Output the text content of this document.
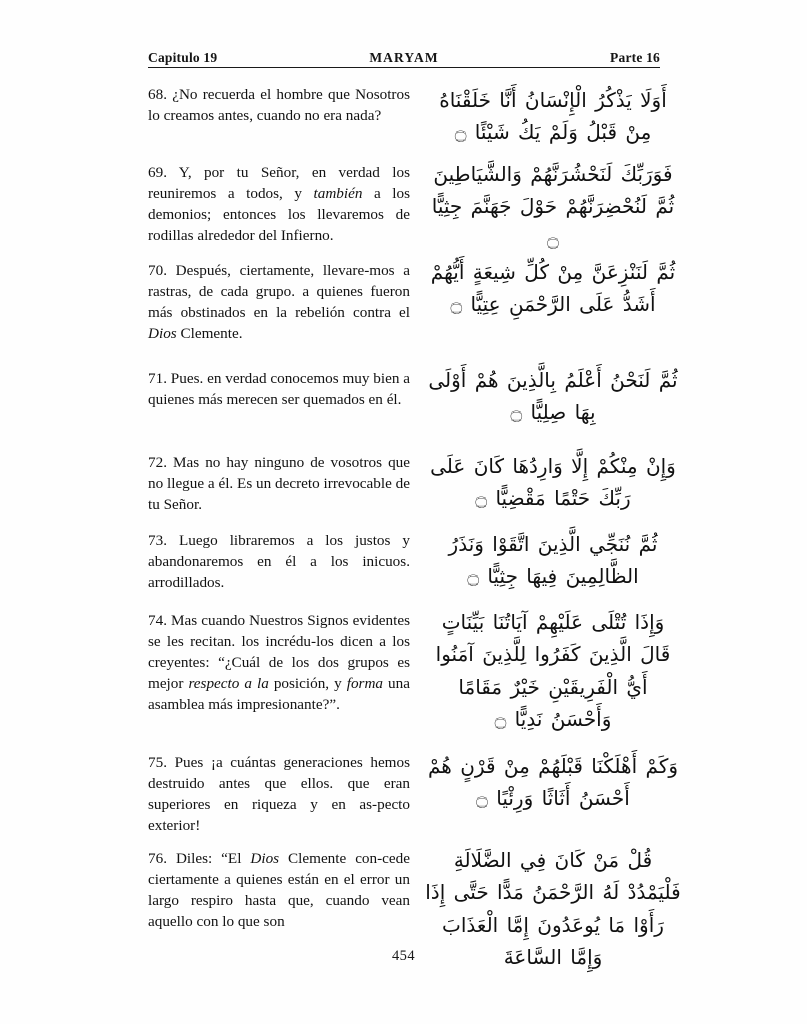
Capitulo 19	MARYAM	Parte 16

68. ¿No recuerda el hombre que Nosotros lo creamos antes, cuando no era nada?

69. Y, por tu Señor, en verdad los reuniremos a todos, y también a los demonios; entonces los llevaremos de rodillas alrededor del Infierno.

70. Después, ciertamente, llevare-mos a rastras, de cada grupo. a quienes fueron más obstinados en la rebelión contra el Dios Clemente.

71. Pues. en verdad conocemos muy bien a quienes más merecen ser quemados en él.

72. Mas no hay ninguno de vosotros que no llegue a él. Es un decreto irrevocable de tu Señor.

73. Luego libraremos a los justos y abandonaremos en él a los inicuos. arrodillados.

74. Mas cuando Nuestros Signos evidentes se les recitan. los incrédu-los dicen a los creyentes: “¿Cuál de los dos grupos es mejor respecto a la posición, y forma una asamblea más impresionante?”.

75. Pues ¡a cuántas generaciones hemos destruido antes que ellos. que eran superiores en riqueza y en as-pecto exterior!

76. Diles: “El Dios Clemente con-cede ciertamente a quienes están en el error un largo respiro hasta que, cuando vean aquello con lo que son

أَوَلَا يَذْكُرُ الْإِنْسَانُ أَنَّا خَلَقْنَاهُ مِنْ قَبْلُ وَلَمْ يَكُ شَيْئًا ۝

فَوَرَبِّكَ لَنَحْشُرَنَّهُمْ وَالشَّيَاطِينَ ثُمَّ لَنُحْضِرَنَّهُمْ حَوْلَ جَهَنَّمَ جِثِيًّا ۝

ثُمَّ لَنَنْزِعَنَّ مِنْ كُلِّ شِيعَةٍ أَيُّهُمْ أَشَدُّ عَلَى الرَّحْمَنِ عِتِيًّا ۝

ثُمَّ لَنَحْنُ أَعْلَمُ بِالَّذِينَ هُمْ أَوْلَى بِهَا صِلِيًّا ۝

وَإِنْ مِنْكُمْ إِلَّا وَارِدُهَا كَانَ عَلَى رَبِّكَ حَتْمًا مَقْضِيًّا ۝

ثُمَّ نُنَجِّي الَّذِينَ اتَّقَوْا وَنَذَرُ الظَّالِمِينَ فِيهَا جِثِيًّا ۝

وَإِذَا تُتْلَى عَلَيْهِمْ آيَاتُنَا بَيِّنَاتٍ قَالَ الَّذِينَ كَفَرُوا لِلَّذِينَ آمَنُوا أَيُّ الْفَرِيقَيْنِ خَيْرٌ مَقَامًا وَأَحْسَنُ نَدِيًّا ۝

وَكَمْ أَهْلَكْنَا قَبْلَهُمْ مِنْ قَرْنٍ هُمْ أَحْسَنُ أَثَاثًا وَرِئْيًا ۝

قُلْ مَنْ كَانَ فِي الضَّلَالَةِ فَلْيَمْدُدْ لَهُ الرَّحْمَنُ مَدًّا حَتَّى إِذَا رَأَوْا مَا يُوعَدُونَ إِمَّا الْعَذَابَ وَإِمَّا السَّاعَةَ

454
